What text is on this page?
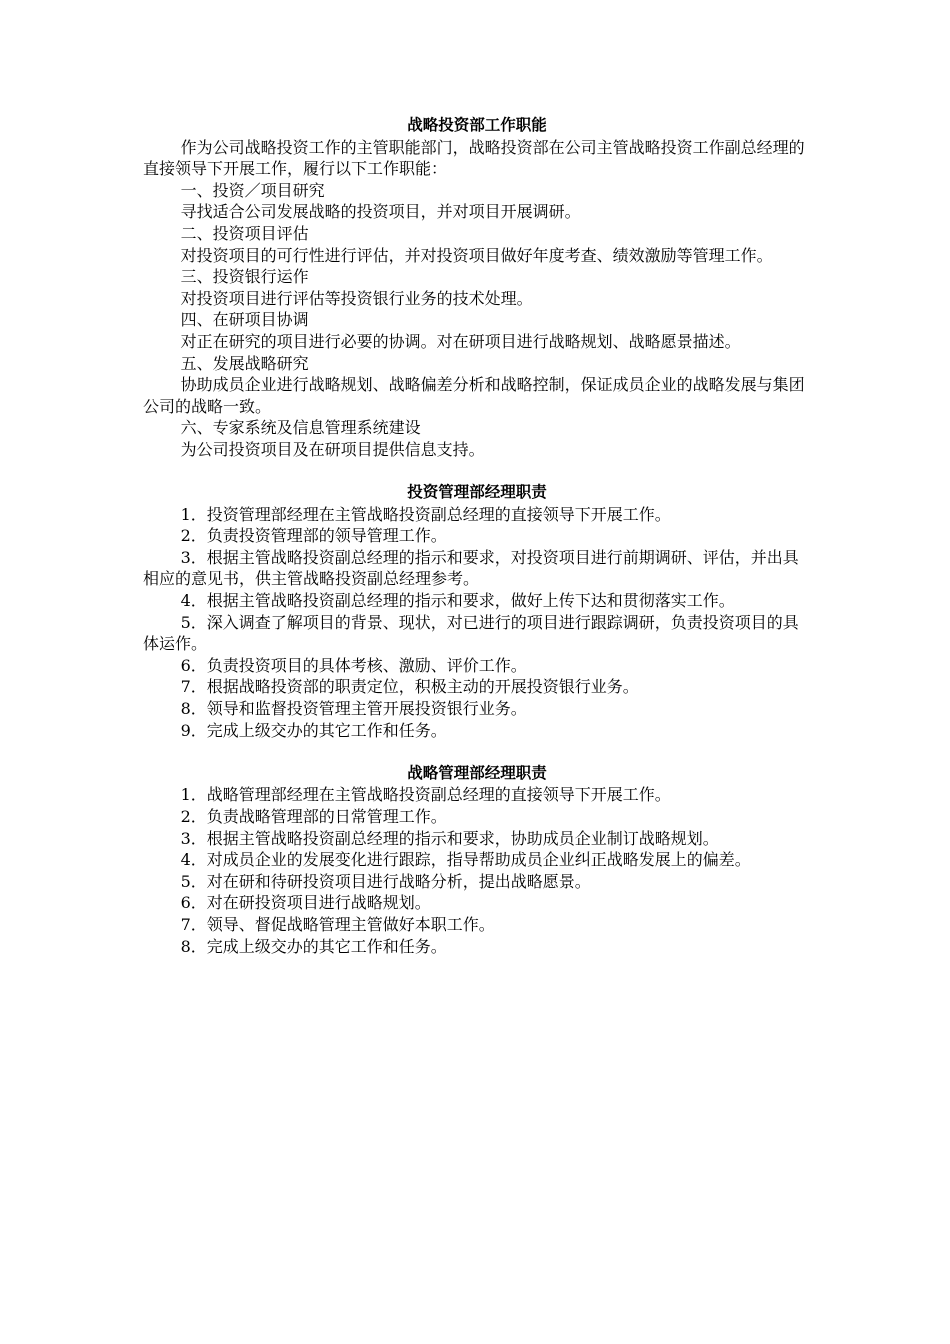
战略投资部工作职能

作为公司战略投资工作的主管职能部门，战略投资部在公司主管战略投资工作副总经理的直接领导下开展工作，履行以下工作职能：

一、投资／项目研究

寻找适合公司发展战略的投资项目，并对项目开展调研。

二、投资项目评估

对投资项目的可行性进行评估，并对投资项目做好年度考查、绩效激励等管理工作。

三、投资银行运作

对投资项目进行评估等投资银行业务的技术处理。

四、在研项目协调

对正在研究的项目进行必要的协调。对在研项目进行战略规划、战略愿景描述。

五、发展战略研究

协助成员企业进行战略规划、战略偏差分析和战略控制，保证成员企业的战略发展与集团公司的战略一致。

六、专家系统及信息管理系统建设

为公司投资项目及在研项目提供信息支持。

投资管理部经理职责

1．投资管理部经理在主管战略投资副总经理的直接领导下开展工作。

2．负责投资管理部的领导管理工作。

3．根据主管战略投资副总经理的指示和要求，对投资项目进行前期调研、评估，并出具相应的意见书，供主管战略投资副总经理参考。

4．根据主管战略投资副总经理的指示和要求，做好上传下达和贯彻落实工作。

5．深入调查了解项目的背景、现状，对已进行的项目进行跟踪调研，负责投资项目的具体运作。

6．负责投资项目的具体考核、激励、评价工作。

7．根据战略投资部的职责定位，积极主动的开展投资银行业务。

8．领导和监督投资管理主管开展投资银行业务。

9．完成上级交办的其它工作和任务。

战略管理部经理职责

1．战略管理部经理在主管战略投资副总经理的直接领导下开展工作。

2．负责战略管理部的日常管理工作。

3．根据主管战略投资副总经理的指示和要求，协助成员企业制订战略规划。

4．对成员企业的发展变化进行跟踪，指导帮助成员企业纠正战略发展上的偏差。

5．对在研和待研投资项目进行战略分析，提出战略愿景。

6．对在研投资项目进行战略规划。

7．领导、督促战略管理主管做好本职工作。

8．完成上级交办的其它工作和任务。
